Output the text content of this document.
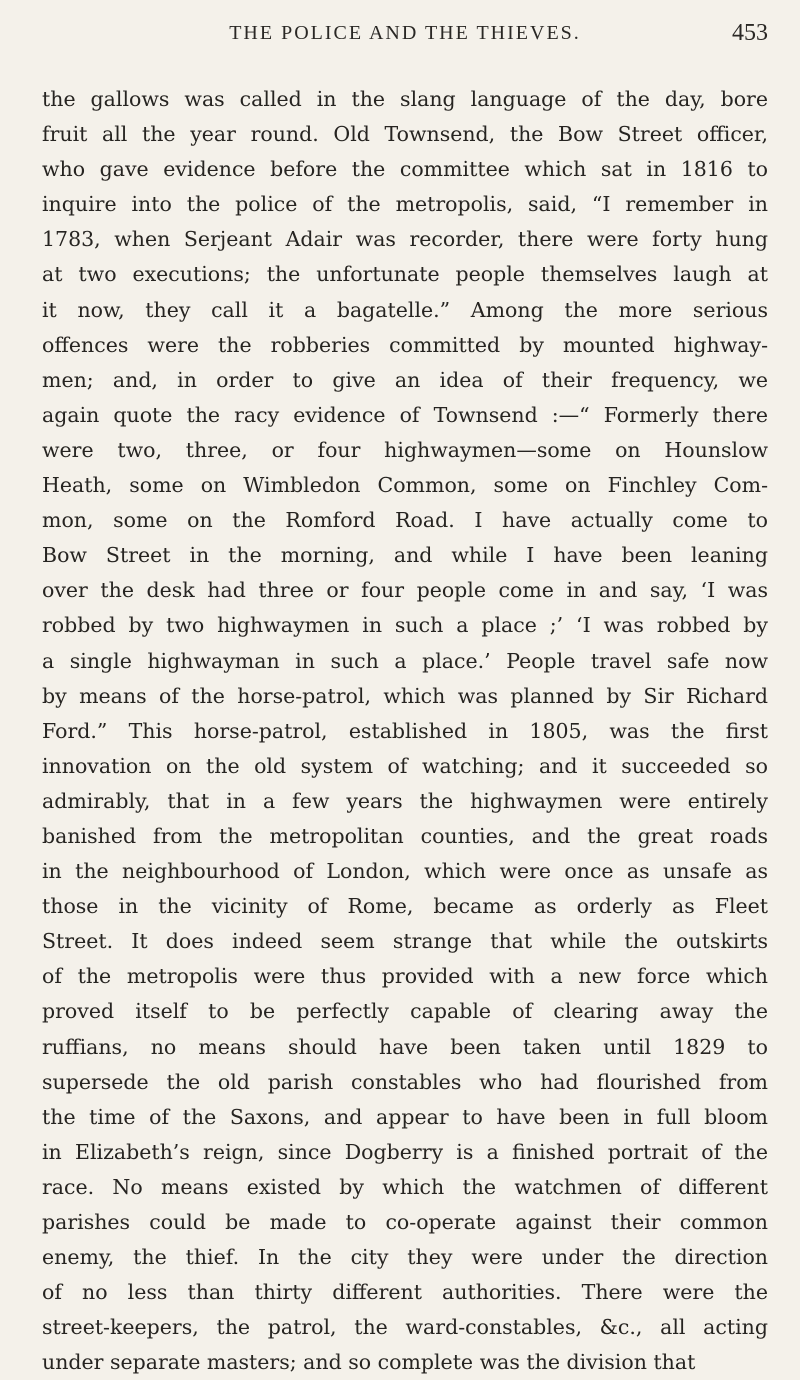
THE POLICE AND THE THIEVES.	453
the gallows was called in the slang language of the day, bore
fruit all the year round. Old Townsend, the Bow Street officer,
who gave evidence before the committee which sat in 1816 to
inquire into the police of the metropolis, said, “I remember in
1783, when Serjeant Adair was recorder, there were forty hung
at two executions; the unfortunate people themselves laugh at
it now, they call it a bagatelle.” Among the more serious
offences were the robberies committed by mounted highway-
men; and, in order to give an idea of their frequency, we
again quote the racy evidence of Townsend :—“ Formerly there
were two, three, or four highwaymen—some on Hounslow
Heath, some on Wimbledon Common, some on Finchley Com-
mon, some on the Romford Road. I have actually come to
Bow Street in the morning, and while I have been leaning
over the desk had three or four people come in and say, ‘I was
robbed by two highwaymen in such a place ;’ ‘I was robbed by
a single highwayman in such a place.’ People travel safe now
by means of the horse-patrol, which was planned by Sir Richard
Ford.” This horse-patrol, established in 1805, was the first
innovation on the old system of watching; and it succeeded so
admirably, that in a few years the highwaymen were entirely
banished from the metropolitan counties, and the great roads
in the neighbourhood of London, which were once as unsafe as
those in the vicinity of Rome, became as orderly as Fleet
Street. It does indeed seem strange that while the outskirts
of the metropolis were thus provided with a new force which
proved itself to be perfectly capable of clearing away the
ruffians, no means should have been taken until 1829 to
supersede the old parish constables who had flourished from
the time of the Saxons, and appear to have been in full bloom
in Elizabeth’s reign, since Dogberry is a finished portrait of the
race. No means existed by which the watchmen of different
parishes could be made to co-operate against their common
enemy, the thief. In the city they were under the direction
of no less than thirty different authorities. There were the
street-keepers, the patrol, the ward-constables, &c., all acting
under separate masters; and so complete was the division that
